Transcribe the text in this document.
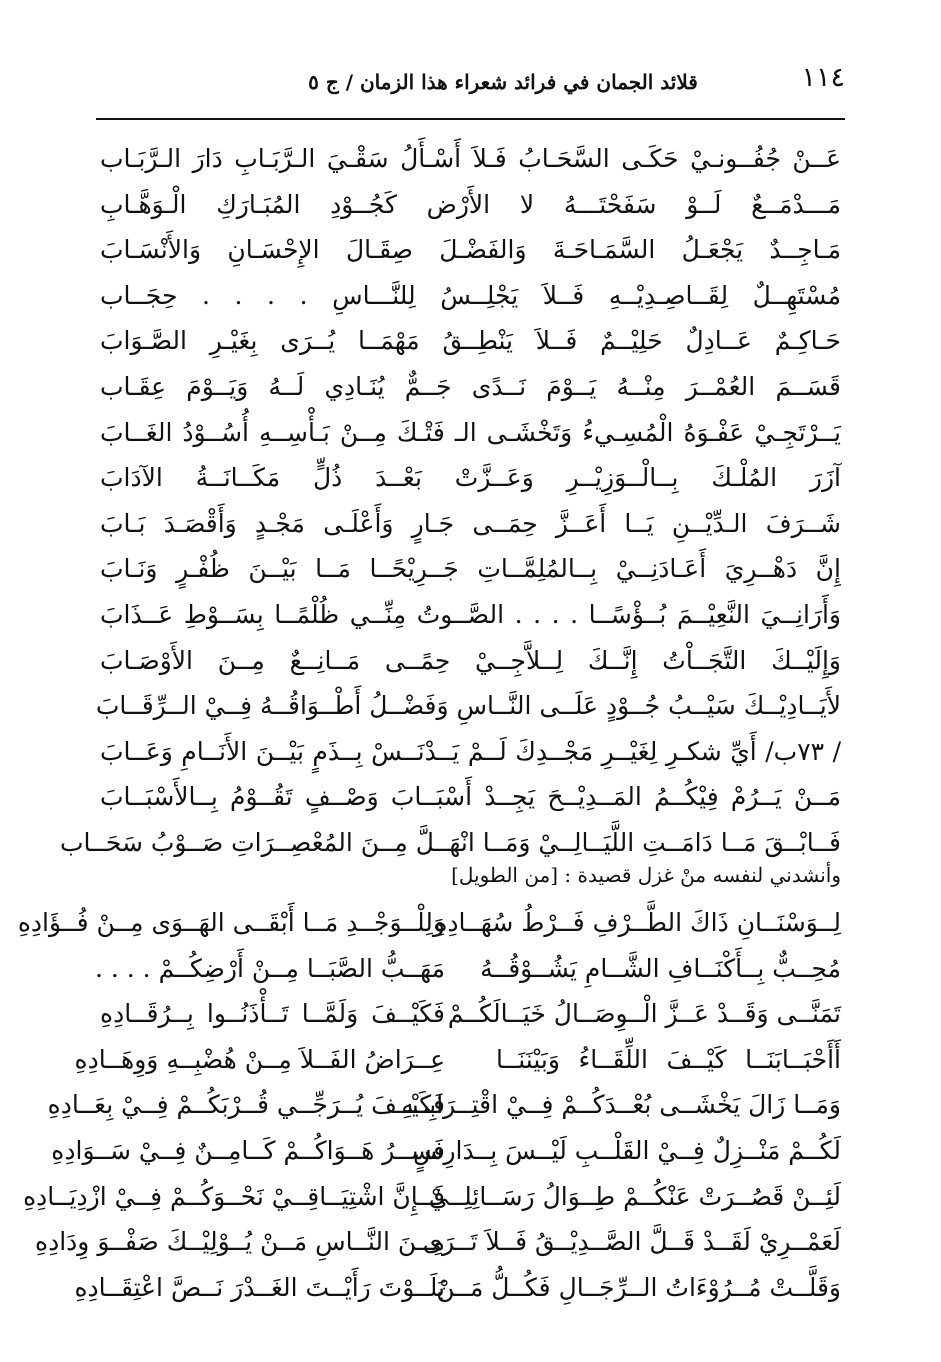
١١٤
قلائد الجمان في فرائد شعراء هذا الزمان / ج ٥
عَــنْ جُفُــونـيْ حَكَـى السَّحَـابُ فَـلاَ أَسْـأَلُ سَقْـيَ الـرَّبَـابِ دَارَ الـرَّبَـاب
مَـــدْمَــعٌ لَــوْ سَفَحْتَـــهُ لا الأَرْض كَجُــوْدِ المُبَـارَكِ الْـوَهَّـابِ
مَـاجِــدٌ يَجْعَـلُ السَّمَـاحَـةَ وَالفَضْـلَ صِقَـالَ الإِحْسَـانِ وَالأَنْسَـابَ
مُسْتَهِــلٌ لِقَــاصِـدِيْــهِ فَــلاَ يَجْلِــسُ لِلنَّـــاسِ . . . . حِجَــاب
حَـاكِـمٌ عَــادِلٌ حَلِيْــمٌ فَــلاَ يَنْطِــقُ مَهْمَــا يُــرَى بِغَيْـرِ الصَّـوَابَ
قَسَــمَ العُمْــرَ مِنْــهُ يَــوْمَ نَــدًى جَــمٌّ يُنَـادِي لَــهُ وَيَــوْمَ عِقَـاب
يَــرْتَجِـيْ عَفْـوَهُ الْمُسِـيءُ وَتَخْشَـى الـ فَتْـكَ مِــنْ بَـأْسِــهِ أُسُــوْدُ الغَــابَ
آزَرَ المُلْـكَ بِــالْــوَزِيْــرِ وَعَــزَّتْ بَعْــدَ ذُلٍّ مَكَــانَــةُ الآدَابَ
شَــرَفَ الـدِّيْــنِ يَــا أَعَــزَّ حِمَــى جَـارٍ وَأَعْلَـى مَجْـدٍ وَأَقْصَـدَ بَـابَ
إِنَّ دَهْــرِيَ أَعَـادَنِــيْ بِــالمُلِمَّــاتِ جَــرِيْحًــا مَــا بَيْــنَ ظُفْـرٍ وَنَـابَ
وَأَرَانِــيَ النَّعِيْــمَ بُــؤْسًــا . . . . الصَّــوتُ مِنِّــي ظُلْمًــا بِسَــوْطِ عَــذَابَ
وَإِلَيْــكَ التَّجَــاْتُ إِنَّــكَ لِــلاَّجِــيْ حِمًــى مَــانِــعٌ مِــنَ الأَوْصَـابَ
لأَيَــادِيْــكَ سَيْــبُ جُــوْدٍ عَلَــى النَّــاسِ وَفَضْــلُ أَطْــوَاقُــهُ فِــيْ الــرِّقَــابَ
/ ٧٣ب/ أَيِّ شكـرِ لِغَيْــرِ مَجْــدِكَ لَــمْ يَــدْنَــسْ بِــذَمٍ بَيْــنَ الأَنَــامِ وَعَــابَ
مَــنْ يَــرُمْ فِيْكُــمُ المَــدِيْــحَ يَجِــدْ أَسْبَــابَ وَصْــفٍ تَقُــوْمُ بِــالأَسْبَــابَ
فَــابْــقَ مَــا دَامَــتِ اللَّيَــالِــيْ وَمَــا انْهَــلَّ مِــنَ المُعْصِــرَاتِ صَــوْبُ سَحَــاب
وأنشدني لنفسه منْ غزل قصيدة : [من الطويل]
لِــوَسْنَــانِ ذَاكَ الطَّــرْفِ فَــرْطُ سُهَــادِهِ
وَلِلْــوَجْــدِ مَــا أَبْقَــى الهَــوَى مِــنْ فُــؤَادِهِ
مُحِــبٌّ بِــأَكْنَــافِ الشَّــامِ يَشُــوْقُــهُ
مَهَــبُّ الصَّبَــا مِــنْ أَرْضِكُــمْ . . . .
تَمَنَّــى وَقَــدْ عَــزَّ الْــوِصَــالُ خَيَــالَكُــمْ
فَكَيْــفَ وَلَمَّــا تَــأْذَنُــوا بِــرُقَــادِهِ
أَأَحْبَــابَنَــا كَيْــفَ اللِّقَــاءُ وَبَيْنَنَــا
عِــرَاضُ الفَــلاَ مِــنْ هُضْبِــهِ وَوِهَــادِهِ
وَمَــا زَالَ يَخْشَــى بُعْــدَكُــمْ فِــيْ اقْتِــرَابِــهِ
فَكَيْــفَ يُــرَجِّــي قُــرْبَكُــمْ فِــيْ بِعَــادِهِ
لَكُــمْ مَنْــزِلٌ فِــيْ القَلْــبِ لَيْــسَ بِــدَارِسٍ
فَســرُ هَــوَاكُــمْ كَــامِــنٌ فِــيْ سَــوَادِهِ
لَئِــنْ قَصُــرَتْ عَنْكُــمْ طِــوَالُ رَسَــائِلِــيْ
فَــإِنَّ اشْتِيَــاقِــيْ نَحْــوَكُــمْ فِــيْ ازْدِيَــادِهِ
لَعَمْــرِيْ لَقَــدْ قَــلَّ الصَّــدِيْــقُ فَــلاَ تَــرَى
مِــنَ النَّــاسِ مَــنْ يُــوْلِيْــكَ صَفْــوَ وِدَادِهِ
وَقَلَّــتْ مُــرُوْءَاتُ الــرِّجَــالِ فَكُــلُّ مَــنْ
بَلَــوْتَ رَأَيْــتَ الغَــدْرَ نَــصَّ اعْتِقَــادِهِ
